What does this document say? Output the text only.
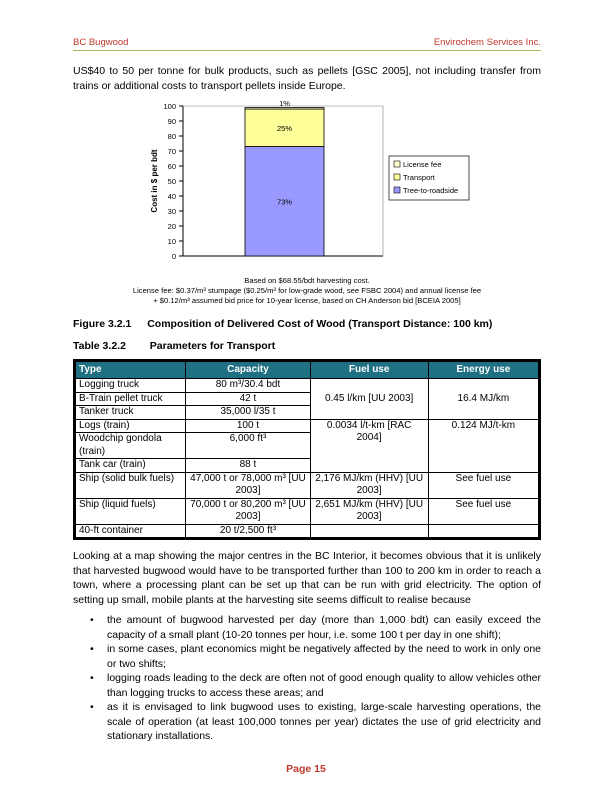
BC Bugwood	Envirochem Services Inc.

US$40 to 50 per tonne for bulk products, such as pellets [GSC 2005], not including transfer from trains or additional costs to transport pellets inside Europe.

0
10
20
30
40
50
60
70
80
90
100
73%
25%
1%
Cost in $ per bdt	License fee
Transport
Tree-to-roadside
Based on $68.55/bdt harvesting cost.
License fee: $0.37/m³ stumpage ($0.25/m³ for low-grade wood, see FSBC 2004) and annual license fee
+ $0.12/m³ assumed bid price for 10-year license, based on CH Anderson bid [BCEIA 2005]
Figure 3.2.1 Composition of Delivered Cost of Wood (Transport Distance: 100 km)
Table 3.2.2 Parameters for Transport
Type	Capacity	Fuel use	Energy use
Logging truck	80 m³/30.4 bdt	0.45 l/km [UU 2003]	16.4 MJ/km
B-Train pellet truck	42 t		
Tanker truck	35,000 l/35 t		
Logs (train)	100 t	0.0034 l/t-km [RAC 2004]	0.124 MJ/t-km
Woodchip gondola (train)	6,000 ft³		
Tank car (train)	88 t		
Ship (solid bulk fuels)	47,000 t or 78,000 m³ [UU 2003]	2,176 MJ/km (HHV) [UU 2003]	See fuel use
Ship (liquid fuels)	70,000 t or 80,200 m³ [UU 2003]	2,651 MJ/km (HHV) [UU 2003]	See fuel use
40-ft container	20 t/2,500 ft³		

Looking at a map showing the major centres in the BC Interior, it becomes obvious that it is unlikely that harvested bugwood would have to be transported further than 100 to 200 km in order to reach a town, where a processing plant can be set up that can be run with grid electricity. The option of setting up small, mobile plants at the harvesting site seems difficult to realise because

• the amount of bugwood harvested per day (more than 1,000 bdt) can easily exceed the capacity of a small plant (10-20 tonnes per hour, i.e. some 100 t per day in one shift);
• in some cases, plant economics might be negatively affected by the need to work in only one or two shifts;
• logging roads leading to the deck are often not of good enough quality to allow vehicles other than logging trucks to access these areas; and
• as it is envisaged to link bugwood uses to existing, large-scale harvesting operations, the scale of operation (at least 100,000 tonnes per year) dictates the use of grid electricity and stationary installations.
Page 15
